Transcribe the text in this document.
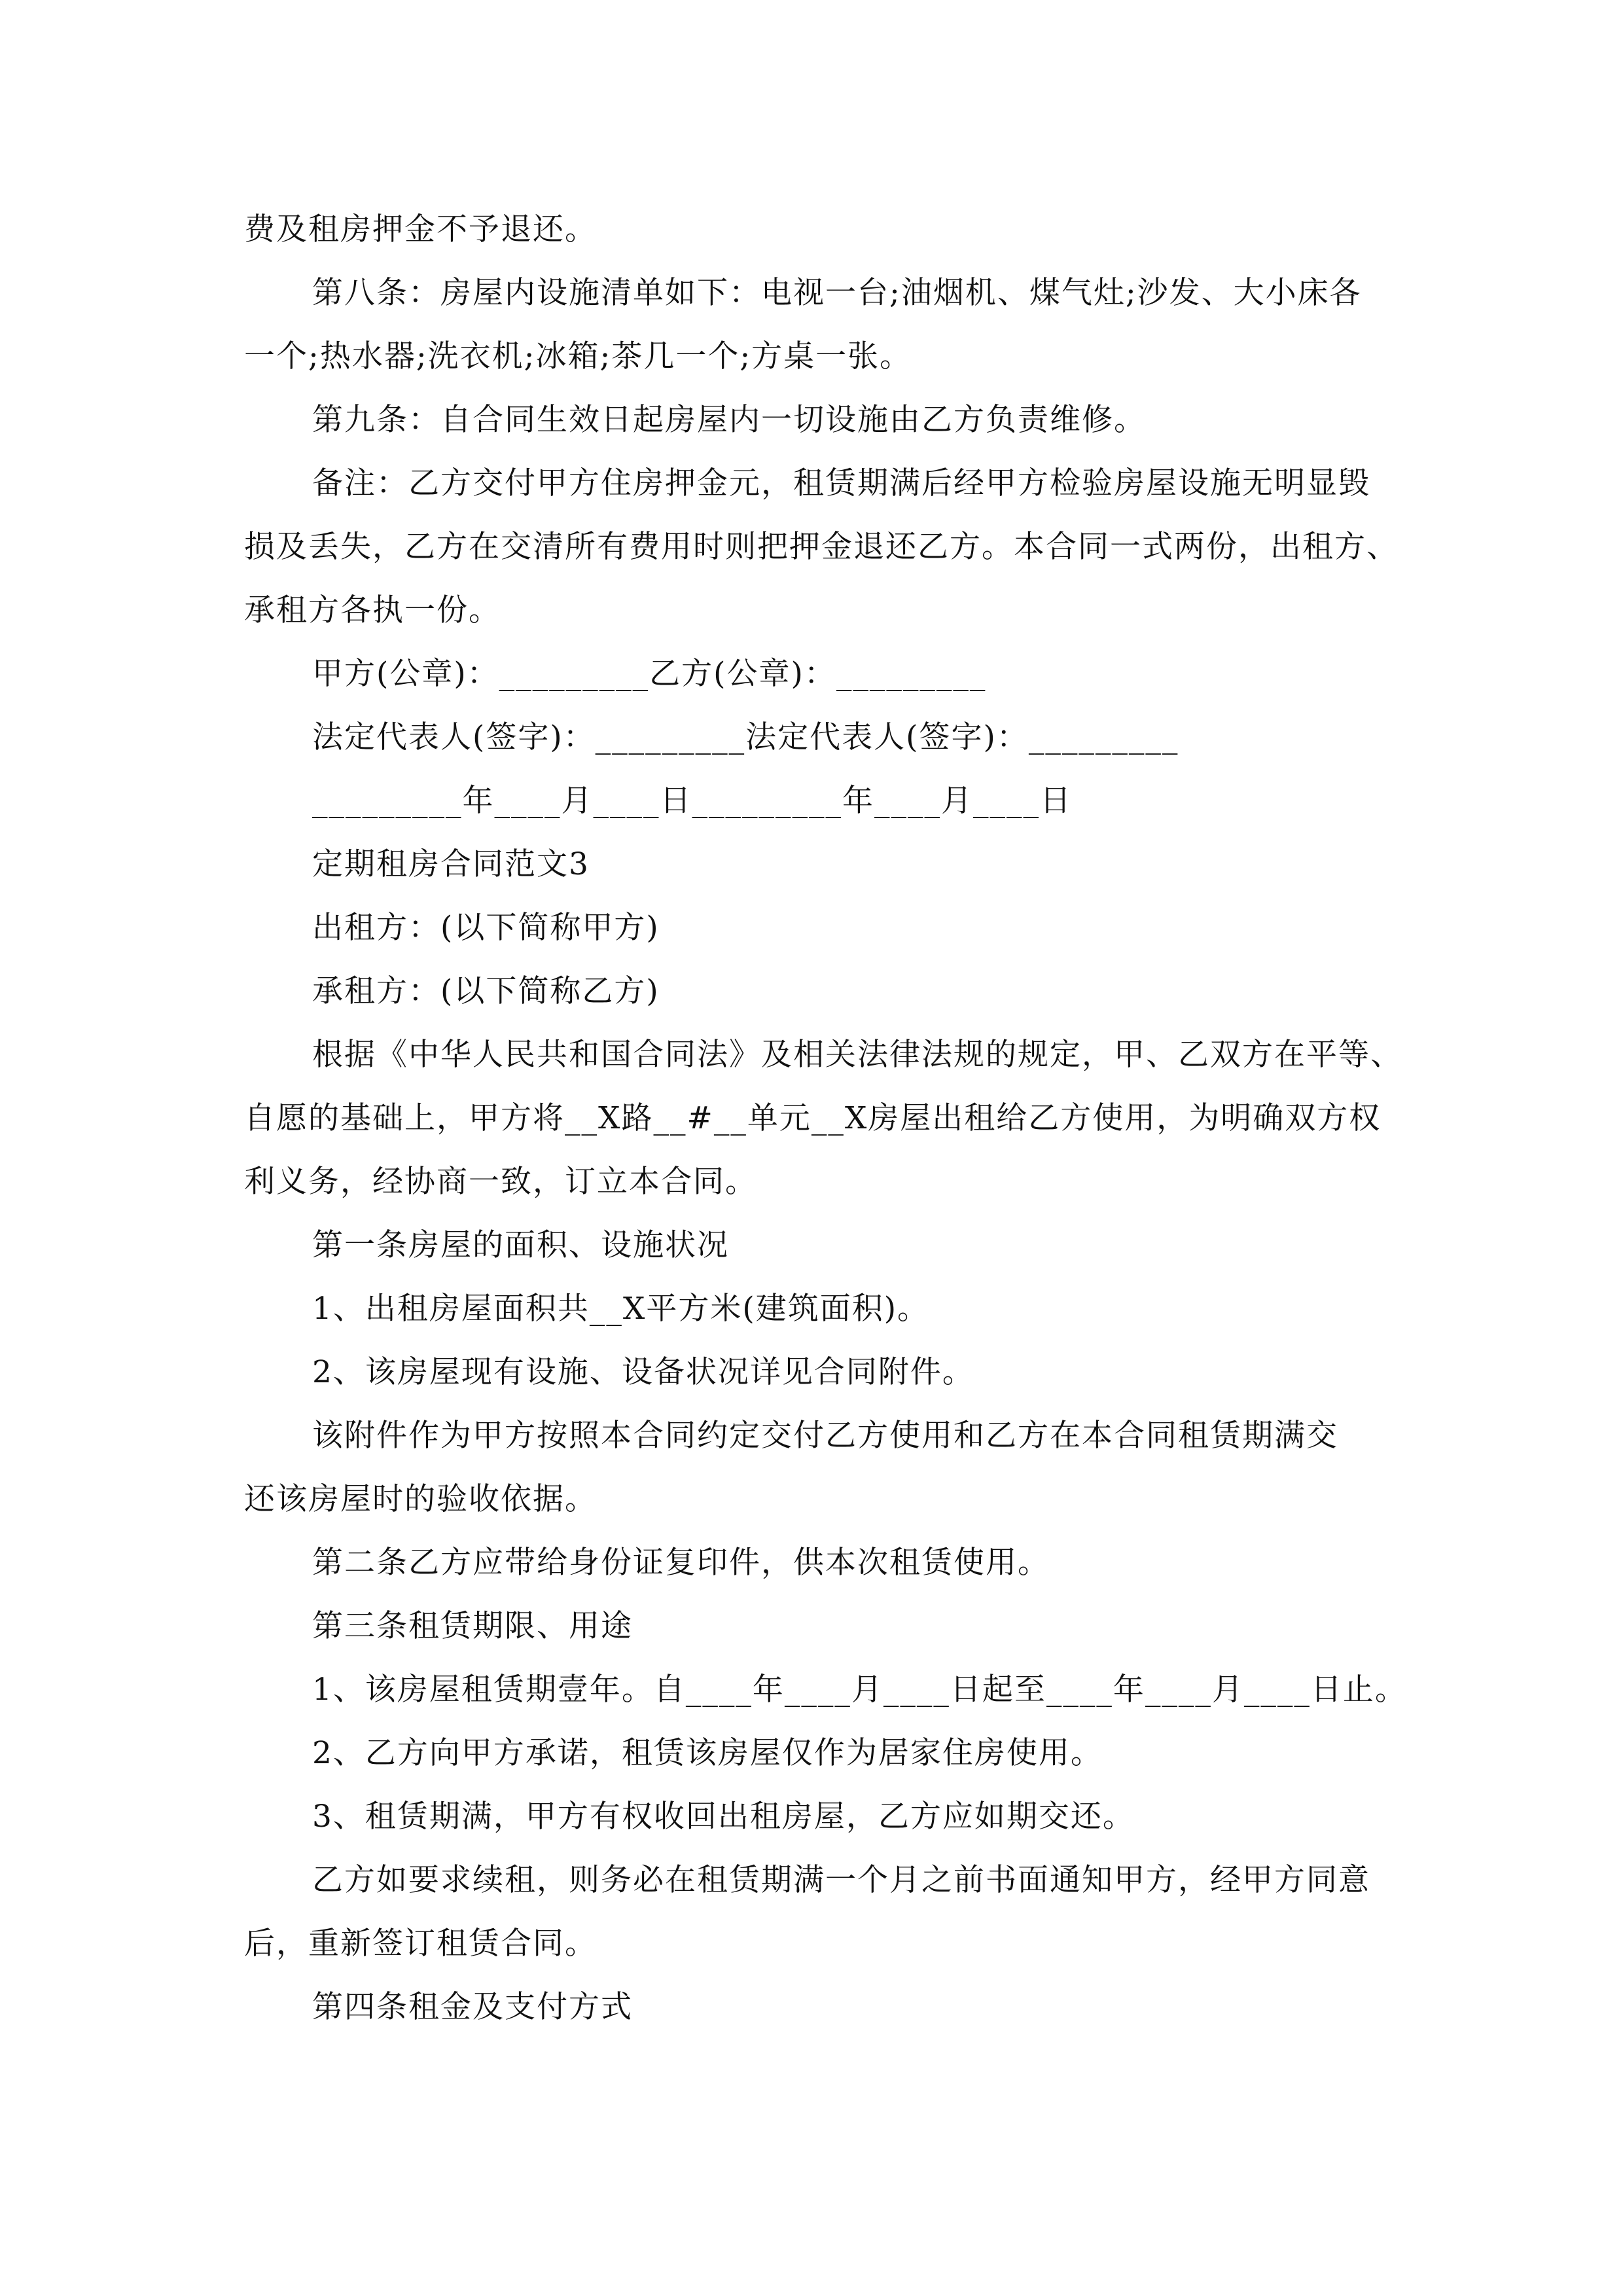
费及租房押金不予退还。
第八条：房屋内设施清单如下：电视一台;油烟机、煤气灶;沙发、大小床各
一个;热水器;洗衣机;冰箱;茶几一个;方桌一张。
第九条：自合同生效日起房屋内一切设施由乙方负责维修。
备注：乙方交付甲方住房押金元，租赁期满后经甲方检验房屋设施无明显毁
损及丢失，乙方在交清所有费用时则把押金退还乙方。本合同一式两份，出租方、
承租方各执一份。
甲方(公章)：_________乙方(公章)：_________
法定代表人(签字)：_________法定代表人(签字)：_________
_________年____月____日_________年____月____日
定期租房合同范文3
出租方：(以下简称甲方)
承租方：(以下简称乙方)
根据《中华人民共和国合同法》及相关法律法规的规定，甲、乙双方在平等、
自愿的基础上，甲方将__X路__#__单元__X房屋出租给乙方使用，为明确双方权
利义务，经协商一致，订立本合同。
第一条房屋的面积、设施状况
1、出租房屋面积共__X平方米(建筑面积)。
2、该房屋现有设施、设备状况详见合同附件。
该附件作为甲方按照本合同约定交付乙方使用和乙方在本合同租赁期满交
还该房屋时的验收依据。
第二条乙方应带给身份证复印件，供本次租赁使用。
第三条租赁期限、用途
1、该房屋租赁期壹年。自____年____月____日起至____年____月____日止。
2、乙方向甲方承诺，租赁该房屋仅作为居家住房使用。
3、租赁期满，甲方有权收回出租房屋，乙方应如期交还。
乙方如要求续租，则务必在租赁期满一个月之前书面通知甲方，经甲方同意
后，重新签订租赁合同。
第四条租金及支付方式
